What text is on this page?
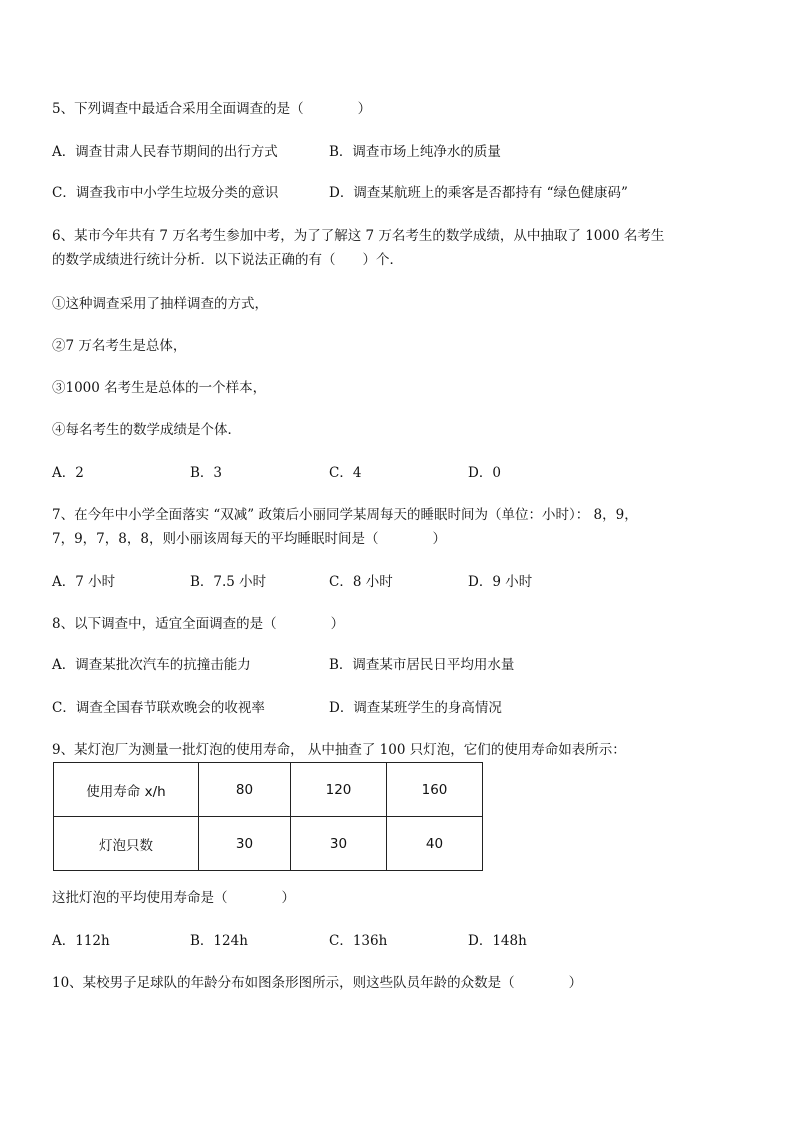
5、下列调查中最适合采用全面调查的是（　　　　）
A．调查甘肃人民春节期间的出行方式	B．调查市场上纯净水的质量
C．调查我市中小学生垃圾分类的意识	D．调查某航班上的乘客是否都持有 “绿色健康码”
6、某市今年共有 7 万名考生参加中考，为了了解这 7 万名考生的数学成绩，从中抽取了 1000 名考生
的数学成绩进行统计分析．以下说法正确的有（　　）个．
①这种调查采用了抽样调查的方式，
②7 万名考生是总体，
③1000 名考生是总体的一个样本，
④每名考生的数学成绩是个体．
A．2	B．3	C．4	D．0
7、在今年中小学全面落实 “双减” 政策后小丽同学某周每天的睡眠时间为（单位：小时）： 8，9，
7，9，7，8，8，则小丽该周每天的平均睡眠时间是（　　　　）
A．7 小时	B．7.5 小时	C．8 小时	D．9 小时
8、以下调查中，适宜全面调查的是（　　　　）
A．调查某批次汽车的抗撞击能力	B．调查某市居民日平均用水量
C．调查全国春节联欢晚会的收视率	D．调查某班学生的身高情况
9、某灯泡厂为测量一批灯泡的使用寿命， 从中抽查了 100 只灯泡，它们的使用寿命如表所示：
使用寿命 x/h	80	120	160
灯泡只数	30	30	40
这批灯泡的平均使用寿命是（　　　　）
A．112h	B．124h	C．136h	D．148h
10、某校男子足球队的年龄分布如图条形图所示，则这些队员年龄的众数是（　　　　）
